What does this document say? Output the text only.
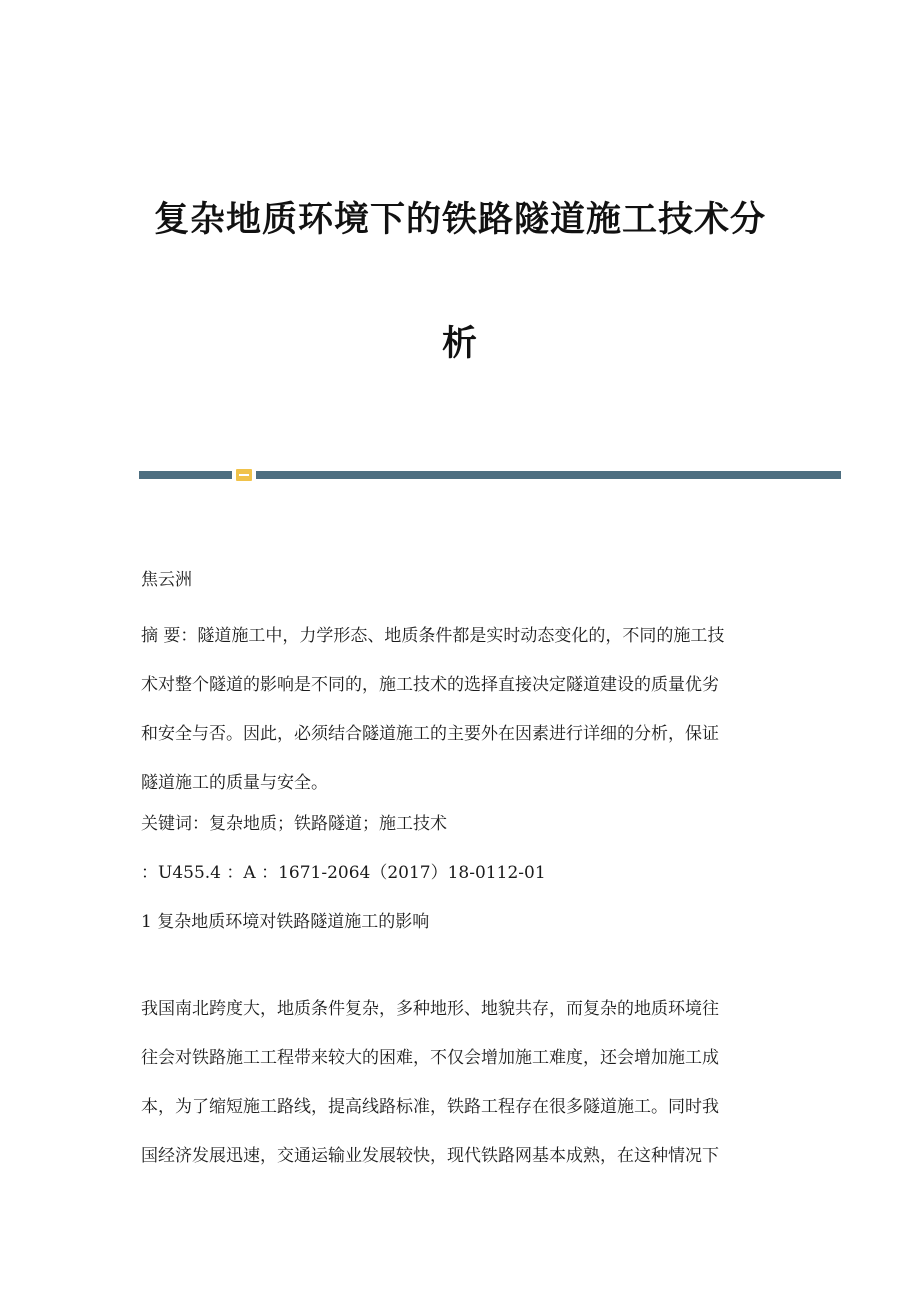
复杂地质环境下的铁路隧道施工技术分
析
焦云洲
摘 要：隧道施工中，力学形态、地质条件都是实时动态变化的，不同的施工技
术对整个隧道的影响是不同的，施工技术的选择直接决定隧道建设的质量优劣
和安全与否。因此，必须结合隧道施工的主要外在因素进行详细的分析，保证
隧道施工的质量与安全。
关键词：复杂地质；铁路隧道；施工技术
：U455.4 ：A ：1671-2064（2017）18-0112-01
1 复杂地质环境对铁路隧道施工的影响
我国南北跨度大，地质条件复杂，多种地形、地貌共存，而复杂的地质环境往
往会对铁路施工工程带来较大的困难，不仅会增加施工难度，还会增加施工成
本，为了缩短施工路线，提高线路标准，铁路工程存在很多隧道施工。同时我
国经济发展迅速，交通运输业发展较快，现代铁路网基本成熟，在这种情况下
